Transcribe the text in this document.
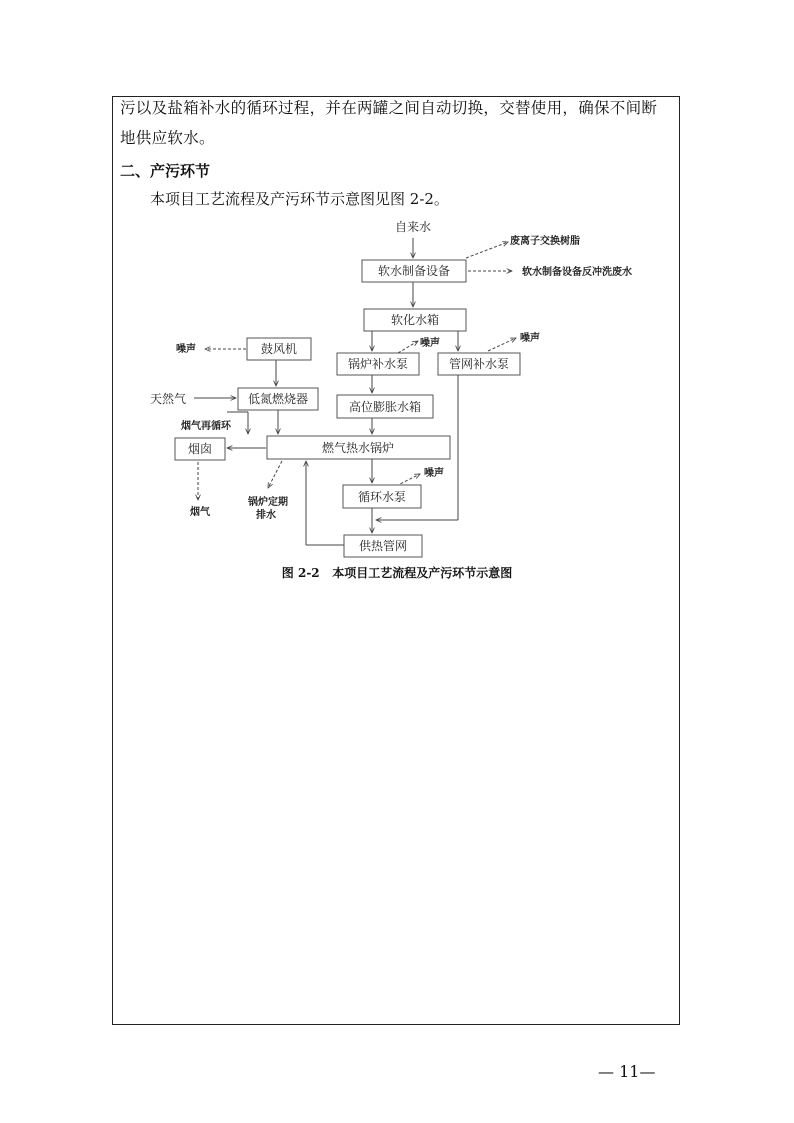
污以及盐箱补水的循环过程，并在两罐之间自动切换，交替使用，确保不间断
地供应软水。
二、产污环节
本项目工艺流程及产污环节示意图见图 2-2。
自来水
软水制备设备
软化水箱
鼓风机
锅炉补水泵	管网补水泵
天然气	低氮燃烧器
高位膨胀水箱
烟囱	燃气热水锅炉
循环水泵
供热管网
废离子交换树脂
软水制备设备反冲洗废水
噪声
噪声	噪声
噪声
烟气再循环
烟气
锅炉定期
排水
图 2-2   本项目工艺流程及产污环节示意图
— 11—
